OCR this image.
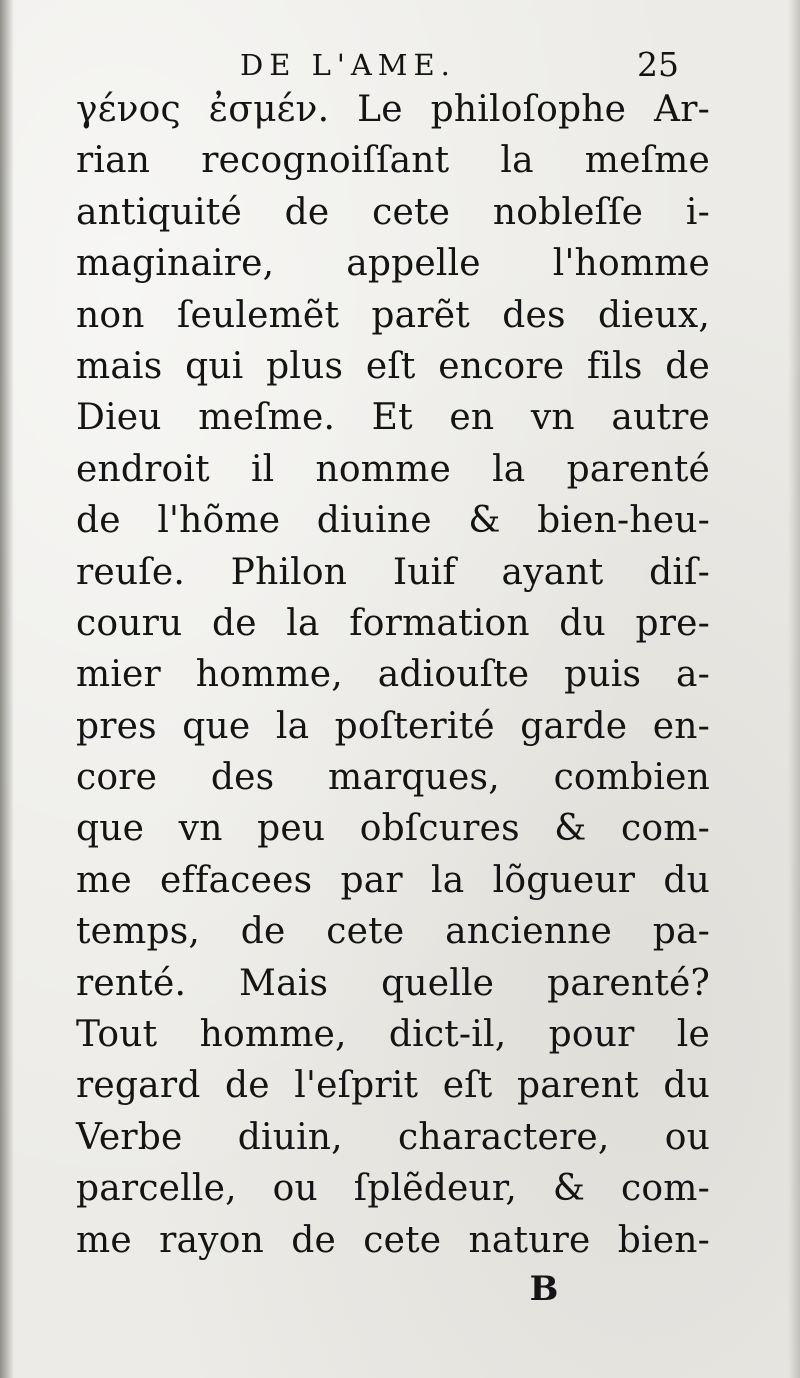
DE L'AME.	25
γένος ἐσμέν. Le philoſophe Ar-
rian recognoiſſant la meſme
antiquité de cete nobleſſe i-
maginaire, appelle l'homme
non ſeulemẽt parẽt des dieux,
mais qui plus eſt encore fils de
Dieu meſme. Et en vn autre
endroit il nomme la parenté
de l'hõme diuine & bien-heu-
reuſe. Philon Iuif ayant diſ-
couru de la formation du pre-
mier homme, adiouſte puis a-
pres que la poſterité garde en-
core des marques, combien
que vn peu obſcures & com-
me effacees par la lõgueur du
temps, de cete ancienne pa-
renté. Mais quelle parenté?
Tout homme, dict-il, pour le
regard de l'eſprit eſt parent du
Verbe diuin, charactere, ou
parcelle, ou ſplẽdeur, & com-
me rayon de cete nature bien-
B
